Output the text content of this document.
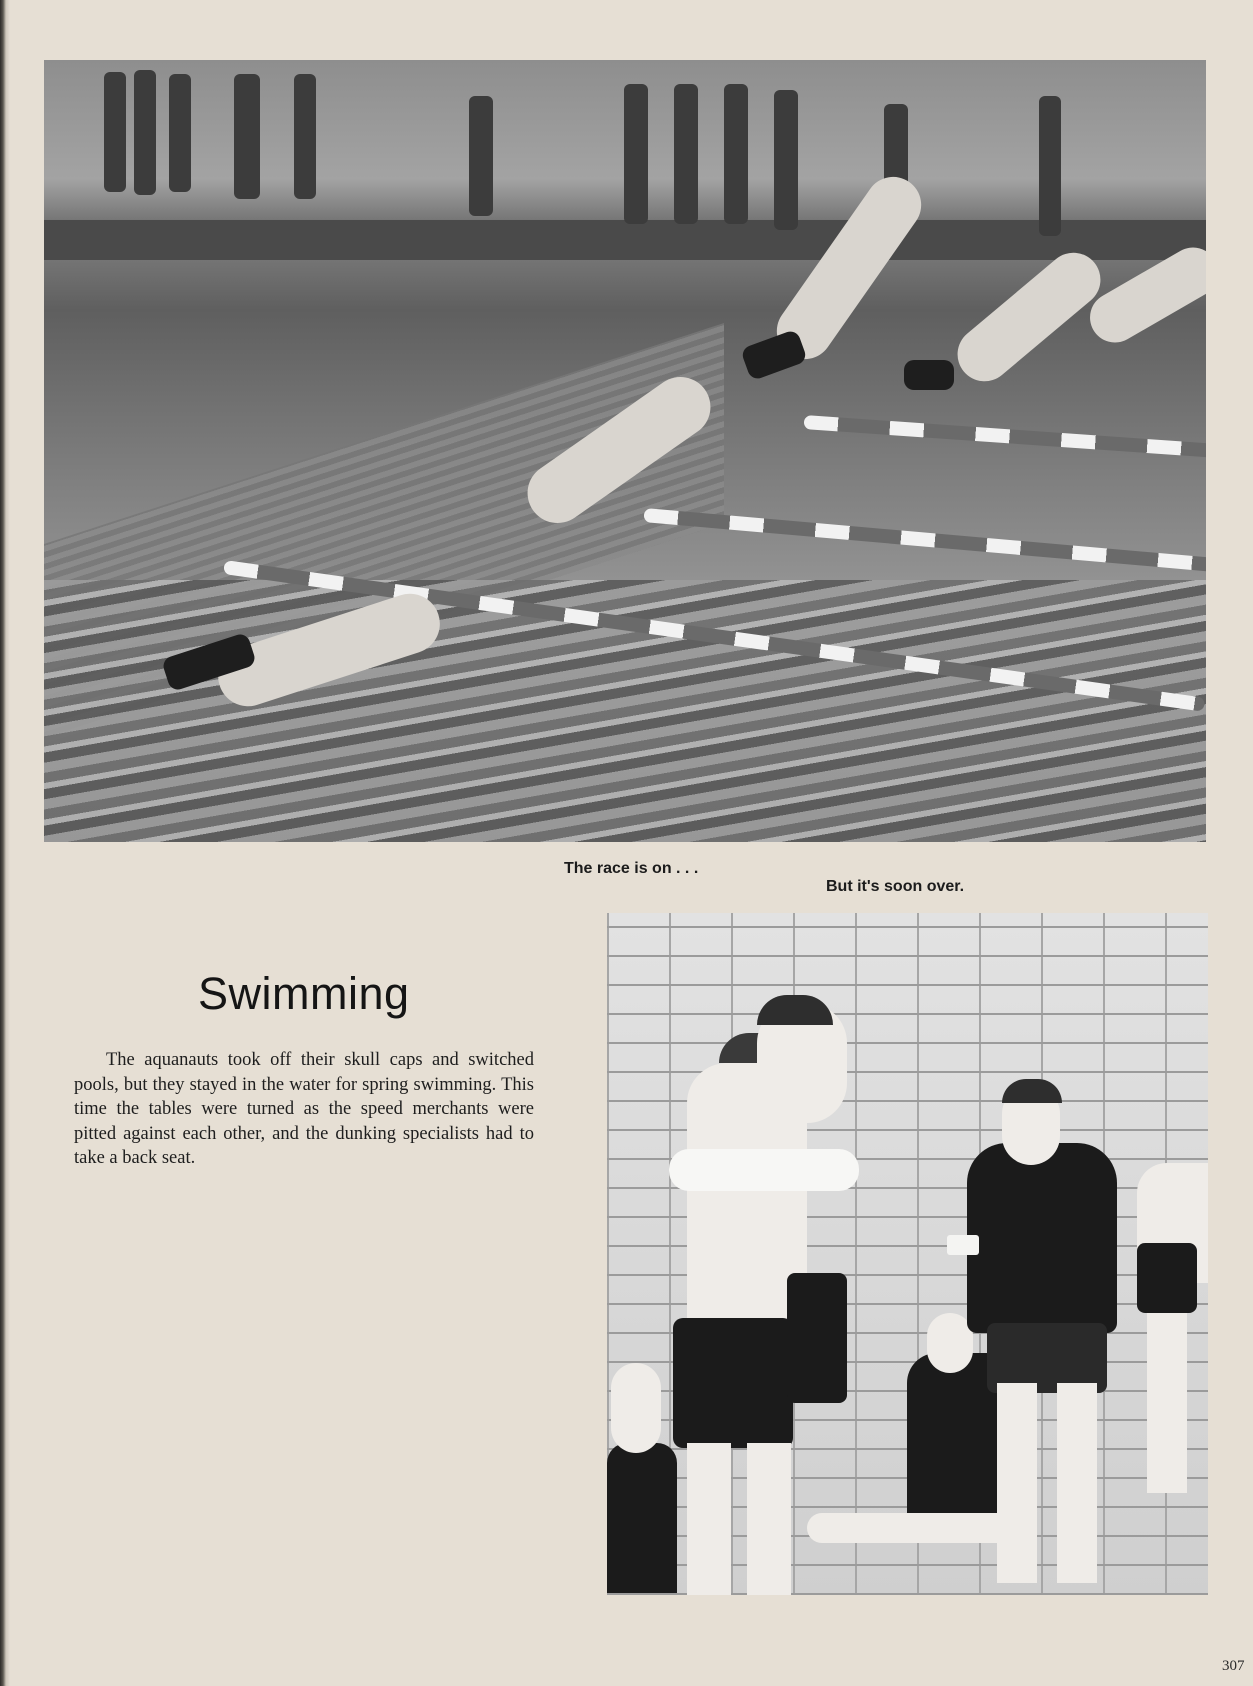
The race is on . . .
But it's soon over.
Swimming

The aquanauts took off their skull caps and switched pools, but they stayed in the water for spring swimming. This time the tables were turned as the speed merchants were pitted against each other, and the dunking specialists had to take a back seat.

307
